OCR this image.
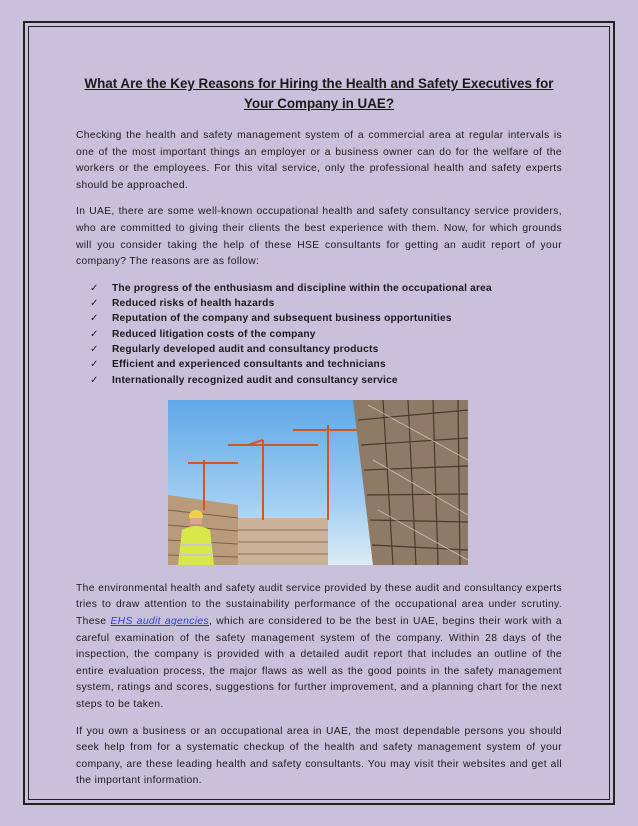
What Are the Key Reasons for Hiring the Health and Safety Executives for Your Company in UAE?

Checking the health and safety management system of a commercial area at regular intervals is one of the most important things an employer or a business owner can do for the welfare of the workers or the employees. For this vital service, only the professional health and safety experts should be approached.

In UAE, there are some well-known occupational health and safety consultancy service providers, who are committed to giving their clients the best experience with them. Now, for which grounds will you consider taking the help of these HSE consultants for getting an audit report of your company? The reasons are as follow:

✓	The progress of the enthusiasm and discipline within the occupational area
✓	Reduced risks of health hazards
✓	Reputation of the company and subsequent business opportunities
✓	Reduced litigation costs of the company
✓	Regularly developed audit and consultancy products
✓	Efficient and experienced consultants and technicians
✓	Internationally recognized audit and consultancy service

The environmental health and safety audit service provided by these audit and consultancy experts tries to draw attention to the sustainability performance of the occupational area under scrutiny. These EHS audit agencies, which are considered to be the best in UAE, begins their work with a careful examination of the safety management system of the company. Within 28 days of the inspection, the company is provided with a detailed audit report that includes an outline of the entire evaluation process, the major flaws as well as the good points in the safety management system, ratings and scores, suggestions for further improvement, and a planning chart for the next steps to be taken.

If you own a business or an occupational area in UAE, the most dependable persons you should seek help from for a systematic checkup of the health and safety management system of your company, are these leading health and safety consultants. You may visit their websites and get all the important information.
